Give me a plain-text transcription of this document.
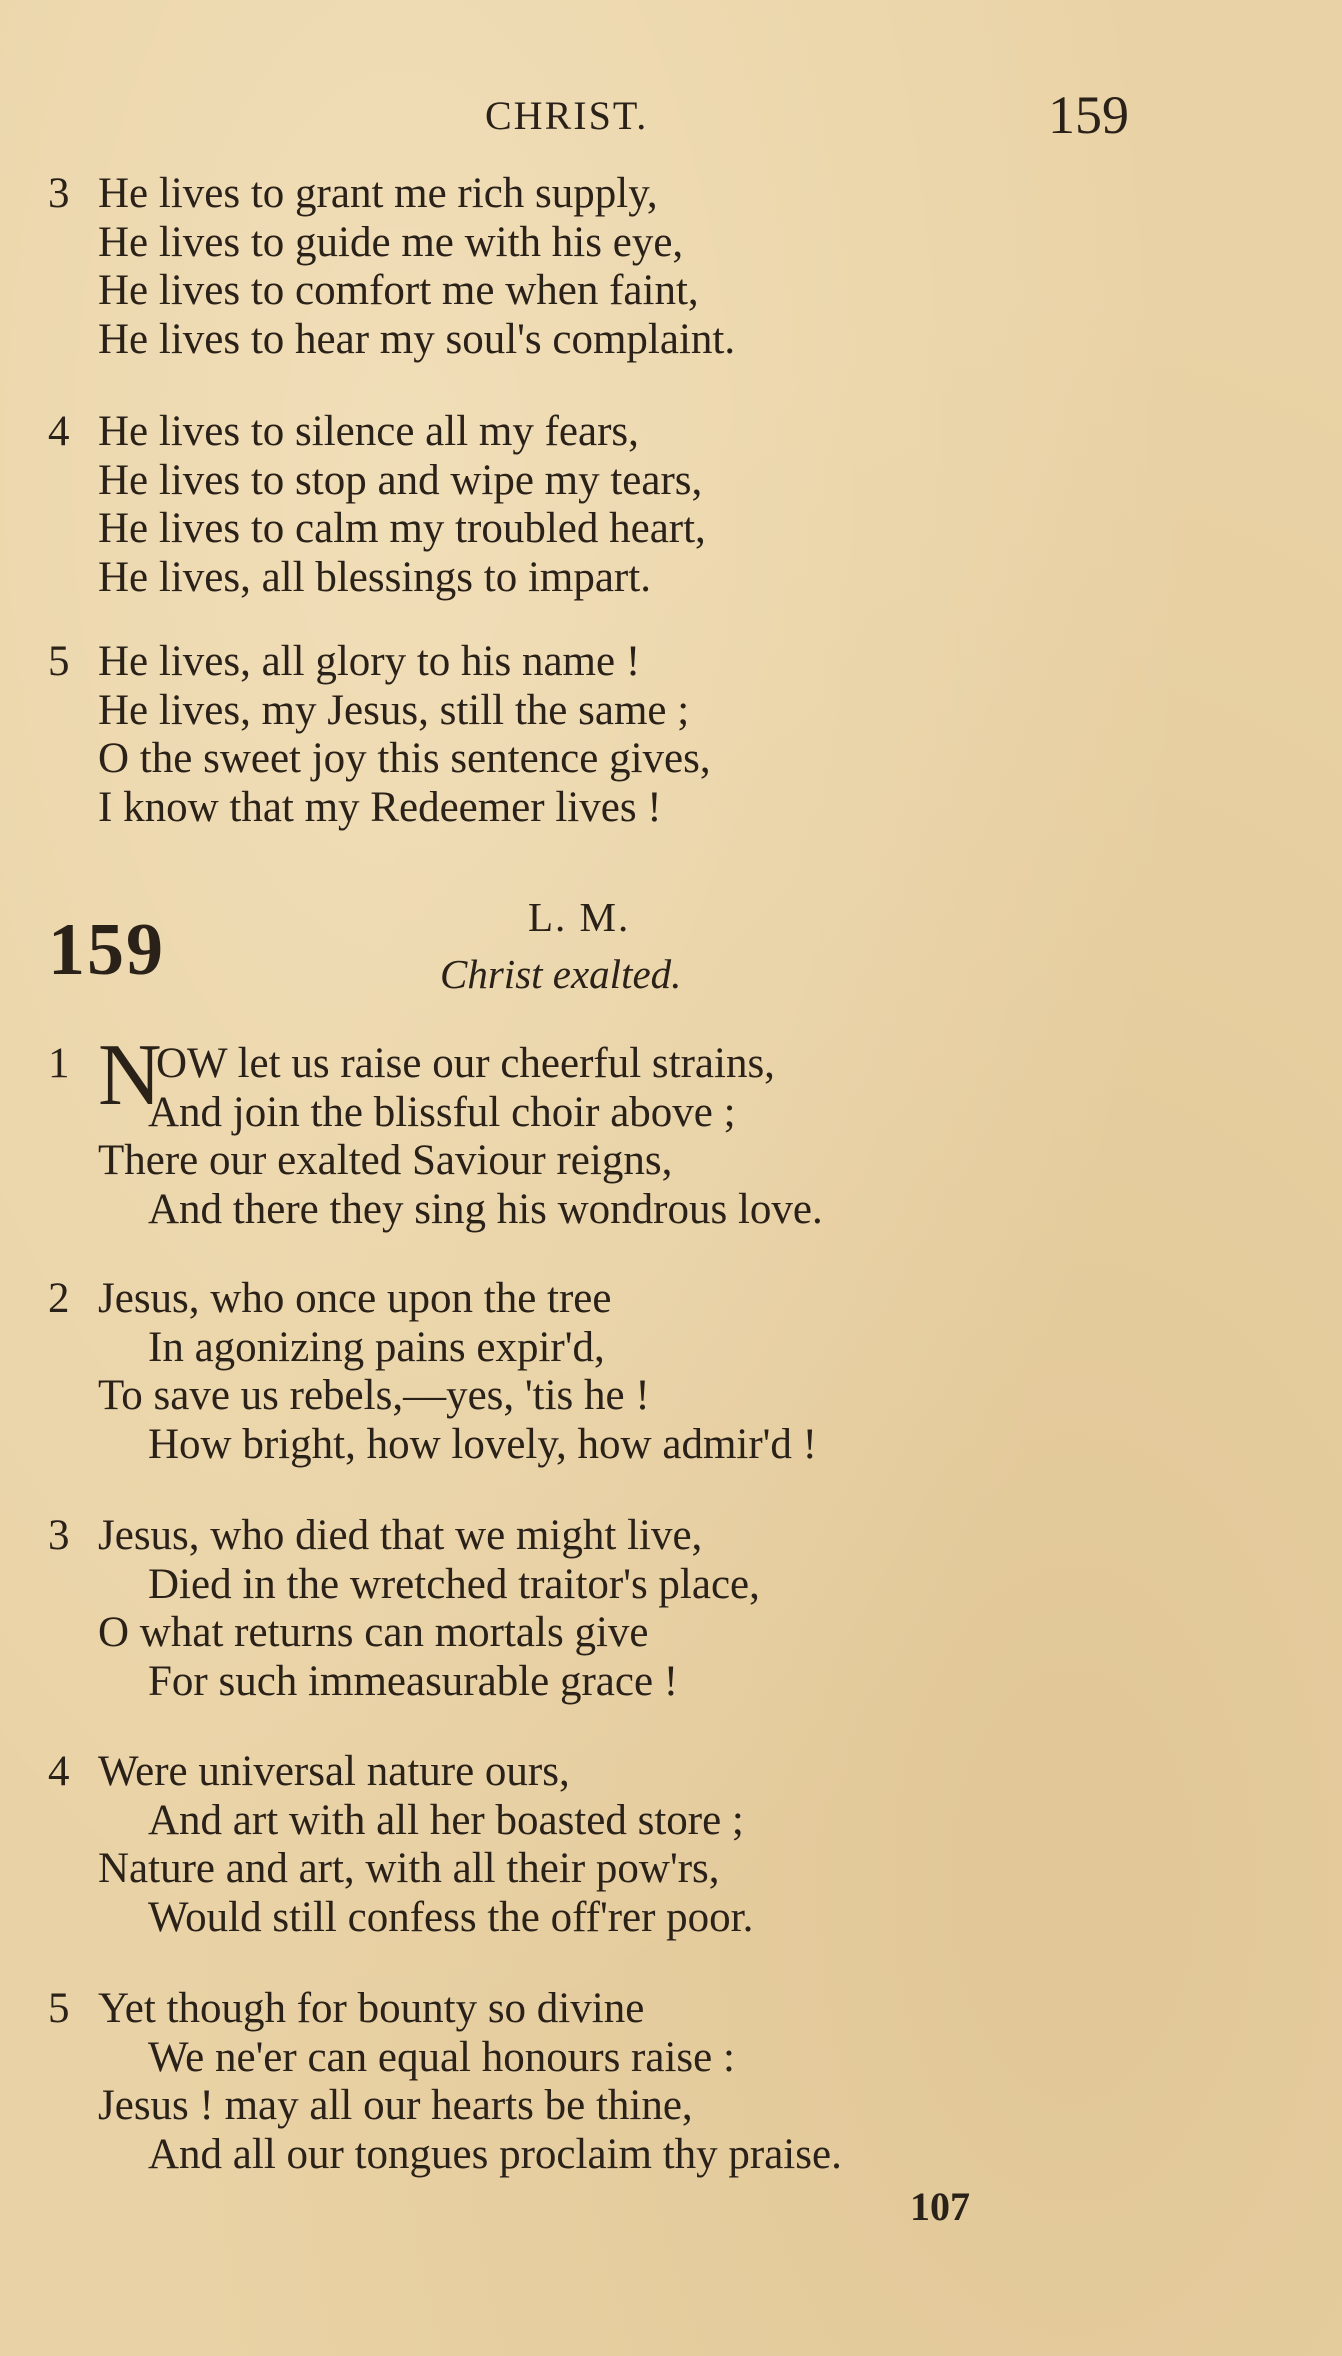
CHRIST.	159
3 He lives to grant me rich supply,
He lives to guide me with his eye,
He lives to comfort me when faint,
He lives to hear my soul's complaint.
4 He lives to silence all my fears,
He lives to stop and wipe my tears,
He lives to calm my troubled heart,
He lives, all blessings to impart.
5 He lives, all glory to his name !
He lives, my Jesus, still the same ;
O the sweet joy this sentence gives,
I know that my Redeemer lives !
159	L. M.
Christ exalted.
1 N
OW let us raise our cheerful strains,
And join the blissful choir above ;
There our exalted Saviour reigns,
And there they sing his wondrous love.
2 Jesus, who once upon the tree
In agonizing pains expir'd,
To save us rebels,—yes, 'tis he !
How bright, how lovely, how admir'd !
3 Jesus, who died that we might live,
Died in the wretched traitor's place,
O what returns can mortals give
For such immeasurable grace !
4 Were universal nature ours,
And art with all her boasted store ;
Nature and art, with all their pow'rs,
Would still confess the off'rer poor.
5 Yet though for bounty so divine
We ne'er can equal honours raise :
Jesus ! may all our hearts be thine,
And all our tongues proclaim thy praise.
107
